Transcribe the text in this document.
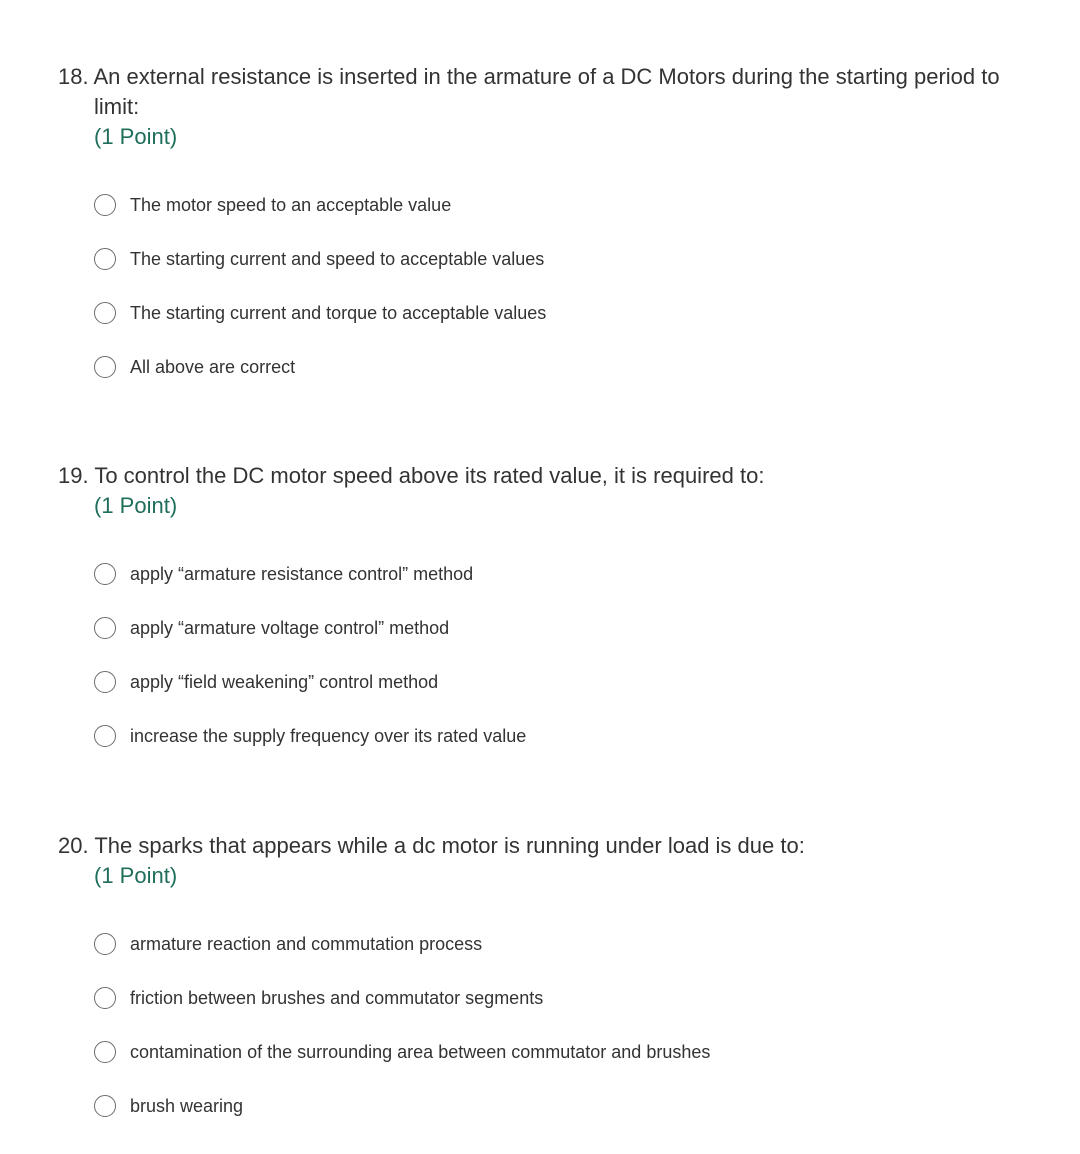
18. An external resistance is inserted in the armature of a DC Motors during the starting period to limit:

(1 Point)

The motor speed to an acceptable value
The starting current and speed to acceptable values
The starting current and torque to acceptable values
All above are correct

19. To control the DC motor speed above its rated value, it is required to:

(1 Point)

apply “armature resistance control” method
apply “armature voltage control” method
apply “field weakening” control method
increase the supply frequency over its rated value

20. The sparks that appears while a dc motor is running under load is due to:

(1 Point)

armature reaction and commutation process
friction between brushes and commutator segments
contamination of the surrounding area between commutator and brushes
brush wearing
